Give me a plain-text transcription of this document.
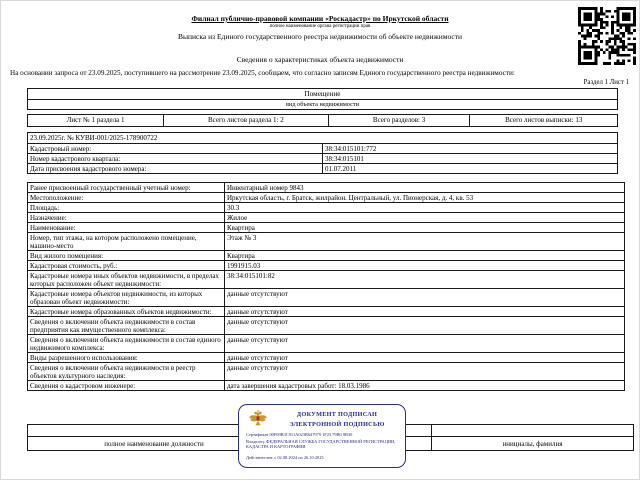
Филиал публично-правовой компании «Роскадастр» по Иркутской области
полное наименование органа регистрации прав
Выписка из Единого государственного реестра недвижимости об объекте недвижимости
Сведения о характеристиках объекта недвижимости
На основании запроса от 23.09.2025, поступившего на рассмотрение 23.09.2025, сообщаем, что согласно записям Единого государственного реестра недвижимости:
Раздел 1 Лист 1
Помещение
вид объекта недвижимости
Лист № 1 раздела 1	Всего листов раздела 1: 2	Всего разделов: 3	Всего листов выписки: 13
23.09.2025г. № КУВИ-001/2025-178900722	
Кадастровый номер:	38:34:015101:772
Номер кадастрового квартала:	38:34:015101
Дата присвоения кадастрового номера:	01.07.2011
Ранее присвоенный государственный учетный номер:	Инвентарный номер 9843
Местоположение:	Иркутская область, г. Братск, жилрайон. Центральный, ул. Пионерская, д. 4, кв. 53
Площадь:	30.3
Назначение:	Жилое
Наименование:	Квартира
Номер, тип этажа, на котором расположено помещение, машино-место	Этаж № 3
Вид жилого помещения:	Квартира
Кадастровая стоимость, руб.:	1991915.03
Кадастровые номера иных объектов недвижимости, в пределах которых расположен объект недвижимости:	38:34:015101:82
Кадастровые номера объектов недвижимости, из которых образован объект недвижимости:	данные отсутствуют
Кадастровые номера образованных объектов недвижимости:	данные отсутствуют
Сведения о включении объекта недвижимости в состав предприятия как имущественного комплекса:	данные отсутствуют
Сведения о включении объекта недвижимости в состав единого недвижимого комплекса:	данные отсутствуют
Виды разрешенного использования:	данные отсутствуют
Сведения о включении объекта недвижимости в реестр объектов культурного наследия:	данные отсутствуют
Сведения о кадастровом инженере:	дата завершения кадастровых работ: 18.03.1986

полное наименование должности		инициалы, фамилия
ДОКУМЕНТ ПОДПИСАН
ЭЛЕКТРОННОЙ ПОДПИСЬЮ
Сертификат 00F09B3C911A023B647979 1F23 79B0 9B30
Владелец: ФЕДЕРАЛЬНАЯ СЛУЖБА ГОСУДАРСТВЕННОЙ РЕГИСТРАЦИИ, КАДАСТРА И КАРТОГРАФИИ
Действителен: с 02.08.2024 по 26.10.2025
